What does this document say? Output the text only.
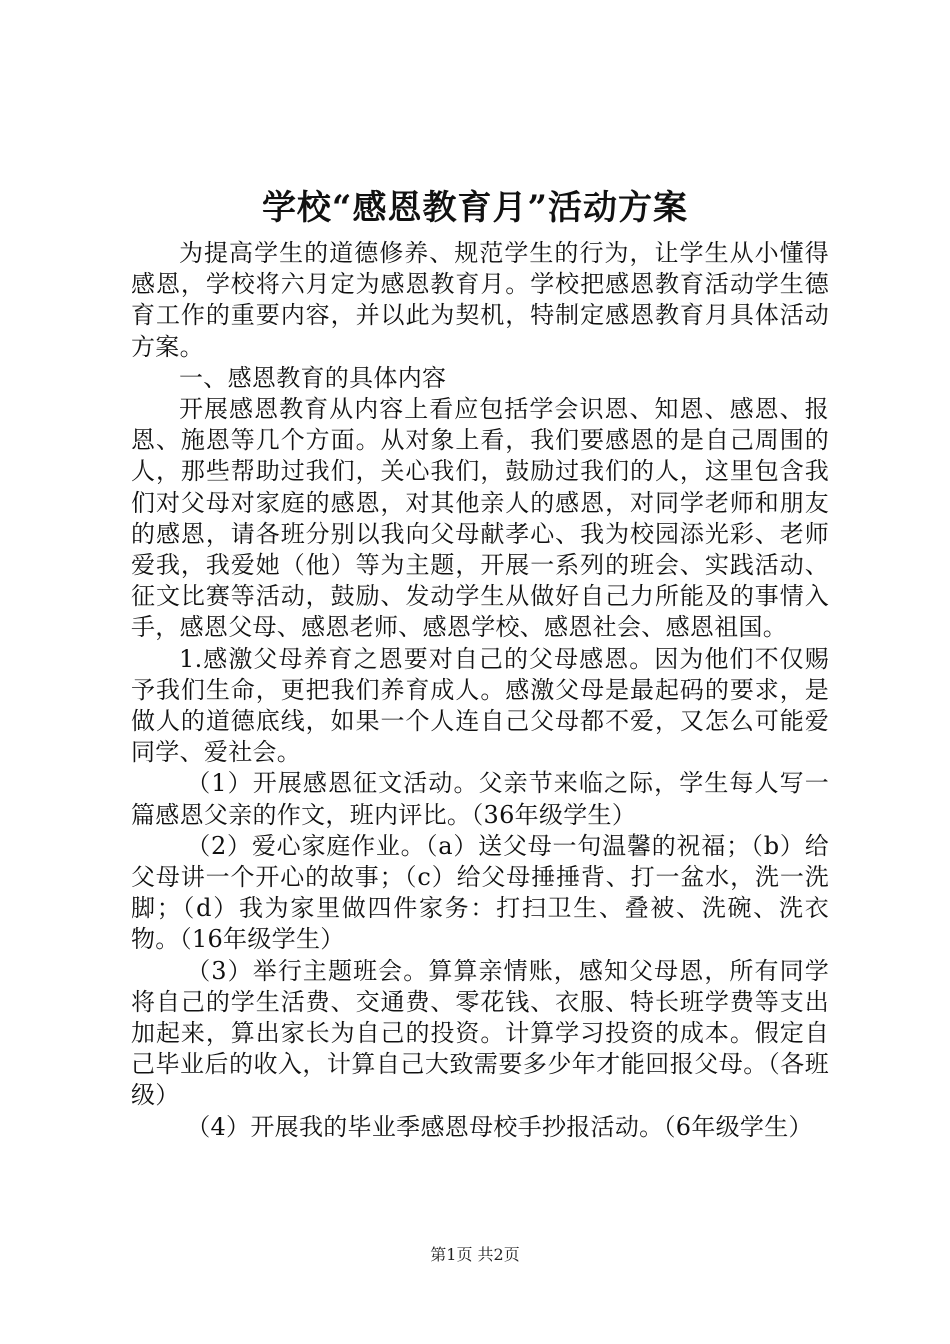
学校“感恩教育月”活动方案

为提高学生的道德修养、规范学生的行为，让学生从小懂得感恩，学校将六月定为感恩教育月。学校把感恩教育活动学生德育工作的重要内容，并以此为契机，特制定感恩教育月具体活动方案。

一、感恩教育的具体内容

开展感恩教育从内容上看应包括学会识恩、知恩、感恩、报恩、施恩等几个方面。从对象上看，我们要感恩的是自己周围的人，那些帮助过我们，关心我们，鼓励过我们的人，这里包含我们对父母对家庭的感恩，对其他亲人的感恩，对同学老师和朋友的感恩，请各班分别以我向父母献孝心、我为校园添光彩、老师爱我，我爱她（他）等为主题，开展一系列的班会、实践活动、征文比赛等活动，鼓励、发动学生从做好自己力所能及的事情入手，感恩父母、感恩老师、感恩学校、感恩社会、感恩祖国。

1.感激父母养育之恩要对自己的父母感恩。因为他们不仅赐予我们生命，更把我们养育成人。感激父母是最起码的要求，是做人的道德底线，如果一个人连自己父母都不爱，又怎么可能爱同学、爱社会。

（1）开展感恩征文活动。父亲节来临之际，学生每人写一篇感恩父亲的作文，班内评比。（36年级学生）

（2）爱心家庭作业。（a）送父母一句温馨的祝福；（b）给父母讲一个开心的故事；（c）给父母捶捶背、打一盆水，洗一洗脚；（d）我为家里做四件家务：打扫卫生、叠被、洗碗、洗衣物。（16年级学生）

（3）举行主题班会。算算亲情账，感知父母恩，所有同学将自己的学生活费、交通费、零花钱、衣服、特长班学费等支出加起来，算出家长为自己的投资。计算学习投资的成本。假定自己毕业后的收入，计算自己大致需要多少年才能回报父母。（各班级）

（4）开展我的毕业季感恩母校手抄报活动。（6年级学生）

第1页 共2页
